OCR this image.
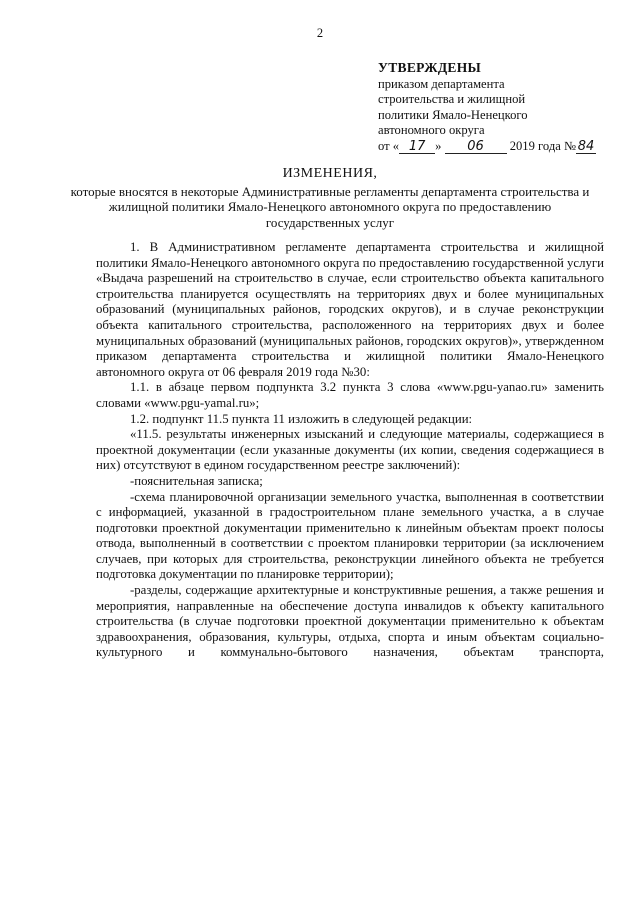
2
УТВЕРЖДЕНЫ
приказом департамента
строительства и жилищной
политики Ямало-Ненецкого
автономного округа
от « 17 » 06 2019 года № 84
ИЗМЕНЕНИЯ,
которые вносятся в некоторые Административные регламенты департамента строительства и жилищной политики Ямало-Ненецкого автономного округа по предоставлению государственных услуг

1. В Административном регламенте департамента строительства и жилищной политики Ямало-Ненецкого автономного округа по предоставлению государственной услуги «Выдача разрешений на строительство в случае, если строительство объекта капитального строительства планируется осуществлять на территориях двух и более муниципальных образований (муниципальных районов, городских округов), и в случае реконструкции объекта капитального строительства, расположенного на территориях двух и более муниципальных образований (муниципальных районов, городских округов)», утвержденном приказом департамента строительства и жилищной политики Ямало-Ненецкого автономного округа от 06 февраля 2019 года №30:

1.1. в абзаце первом подпункта 3.2 пункта 3 слова «www.pgu-yanao.ru» заменить словами «www.pgu-yamal.ru»;

1.2. подпункт 11.5 пункта 11 изложить в следующей редакции:

«11.5. результаты инженерных изысканий и следующие материалы, содержащиеся в проектной документации (если указанные документы (их копии, сведения содержащиеся в них) отсутствуют в едином государственном реестре заключений):

-пояснительная записка;

-схема планировочной организации земельного участка, выполненная в соответствии с информацией, указанной в градостроительном плане земельного участка, а в случае подготовки проектной документации применительно к линейным объектам проект полосы отвода, выполненный в соответствии с проектом планировки территории (за исключением случаев, при которых для строительства, реконструкции линейного объекта не требуется подготовка документации по планировке территории);

-разделы, содержащие архитектурные и конструктивные решения, а также решения и мероприятия, направленные на обеспечение доступа инвалидов к объекту капитального строительства (в случае подготовки проектной документации применительно к объектам здравоохранения, образования, культуры, отдыха, спорта и иным объектам социально-культурного и коммунально-бытового назначения, объектам транспорта,
